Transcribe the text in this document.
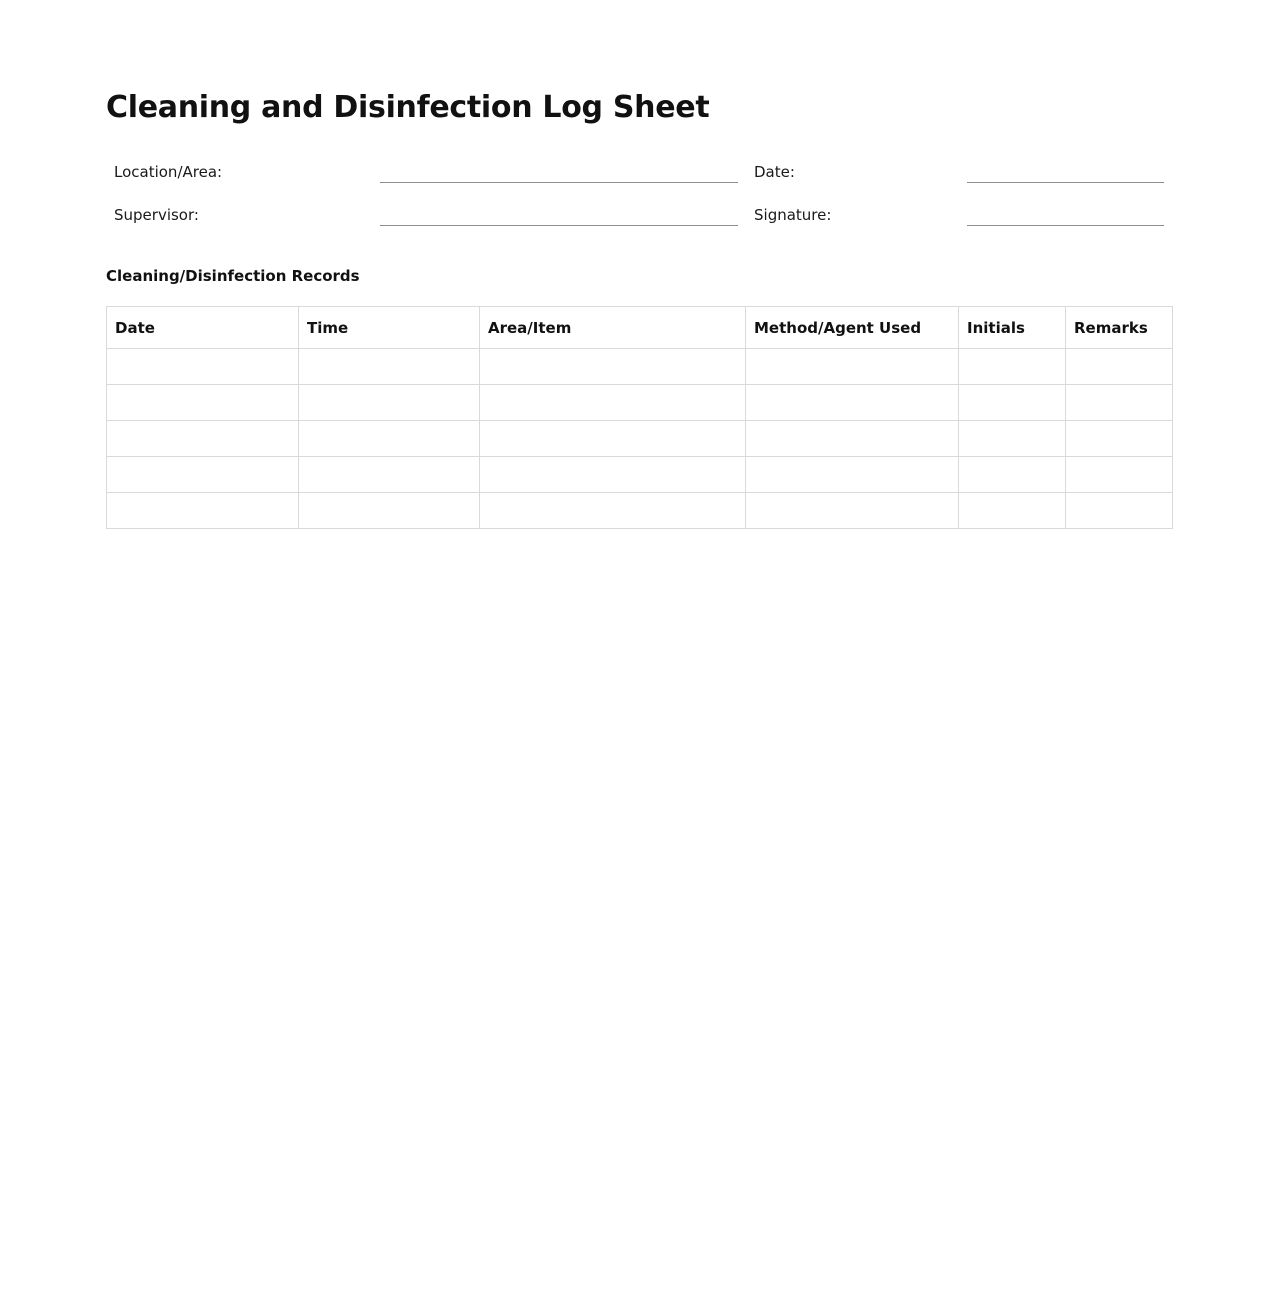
Cleaning and Disinfection Log Sheet
Location/Area:	Date:
Supervisor:	Signature:
Cleaning/Disinfection Records
Date	Time	Area/Item	Method/Agent Used	Initials	Remarks
